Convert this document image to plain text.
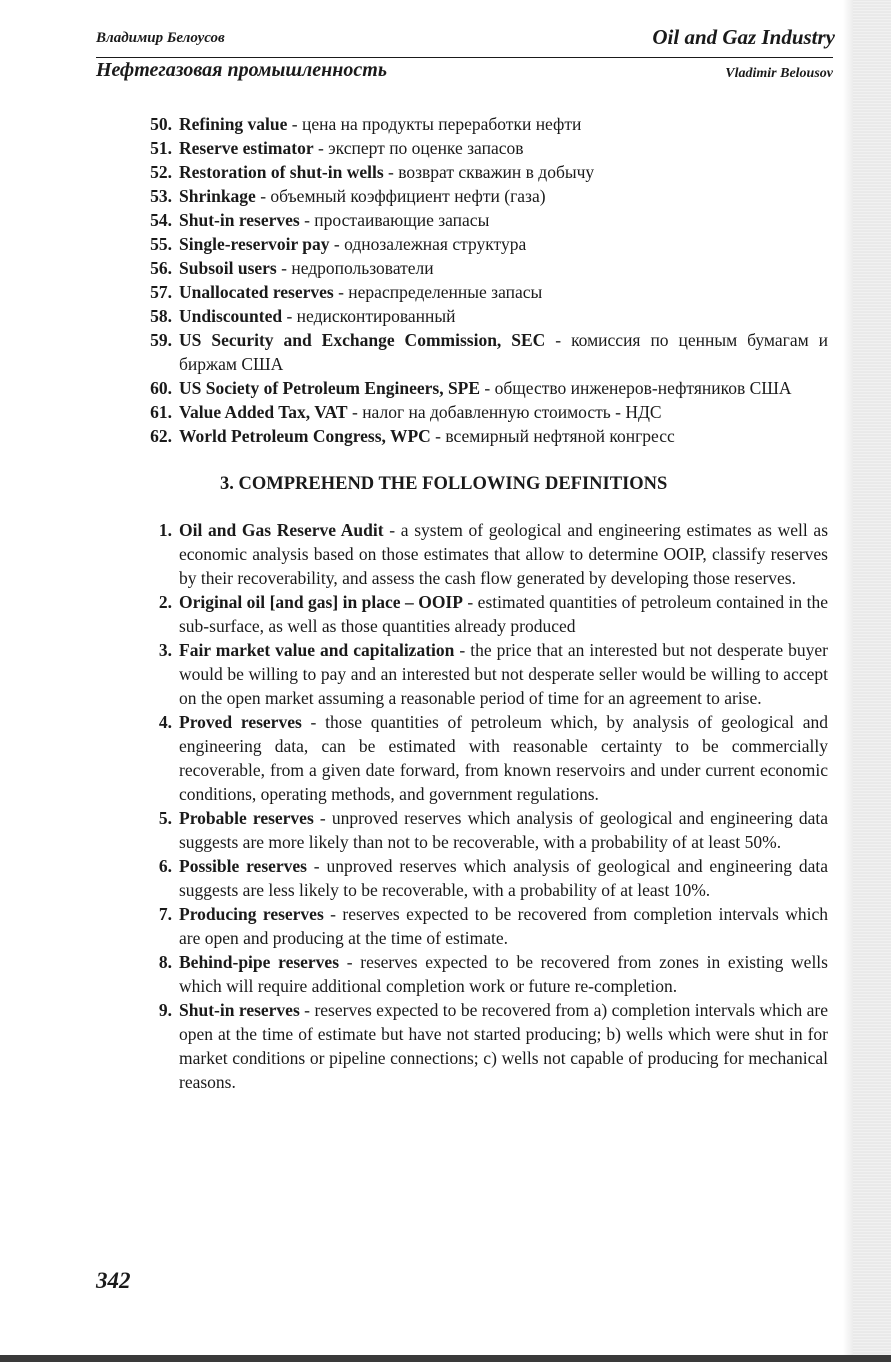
Владимир Белоусов	Oil and Gaz Industry
Нефтегазовая промышленность	Vladimir Belousov
50. Refining value - цена на продукты переработки нефти
51. Reserve estimator - эксперт по оценке запасов
52. Restoration of shut-in wells - возврат скважин в добычу
53. Shrinkage - объемный коэффициент нефти (газа)
54. Shut-in reserves - простаивающие запасы
55. Single-reservoir pay - однозалежная структура
56. Subsoil users - недропользователи
57. Unallocated reserves - нераспределенные запасы
58. Undiscounted - недисконтированный
59. US Security and Exchange Commission, SEC - комиссия по ценным бумагам и биржам США
60. US Society of Petroleum Engineers, SPE - общество инженеров-нефтяников США
61. Value Added Tax, VAT - налог на добавленную стоимость - НДС
62. World Petroleum Congress, WPC - всемирный нефтяной конгресс
3. COMPREHEND THE FOLLOWING DEFINITIONS
1. Oil and Gas Reserve Audit - a system of geological and engineering estimates as well as economic analysis based on those estimates that allow to determine OOIP, classify reserves by their recoverability, and assess the cash flow generated by developing those reserves.
2. Original oil [and gas] in place – OOIP - estimated quantities of petroleum contained in the sub-surface, as well as those quantities already produced
3. Fair market value and capitalization - the price that an interested but not desperate buyer would be willing to pay and an interested but not desperate seller would be willing to accept on the open market assuming a reasonable period of time for an agreement to arise.
4. Proved reserves - those quantities of petroleum which, by analysis of geological and engineering data, can be estimated with reasonable certainty to be commercially recoverable, from a given date forward, from known reservoirs and under current economic conditions, operating methods, and government regulations.
5. Probable reserves - unproved reserves which analysis of geological and engineering data suggests are more likely than not to be recoverable, with a probability of at least 50%.
6. Possible reserves - unproved reserves which analysis of geological and engineering data suggests are less likely to be recoverable, with a probability of at least 10%.
7. Producing reserves - reserves expected to be recovered from completion intervals which are open and producing at the time of estimate.
8. Behind-pipe reserves - reserves expected to be recovered from zones in existing wells which will require additional completion work or future re-completion.
9. Shut-in reserves - reserves expected to be recovered from a) completion intervals which are open at the time of estimate but have not started producing; b) wells which were shut in for market conditions or pipeline connections; c) wells not capable of producing for mechanical reasons.
342
